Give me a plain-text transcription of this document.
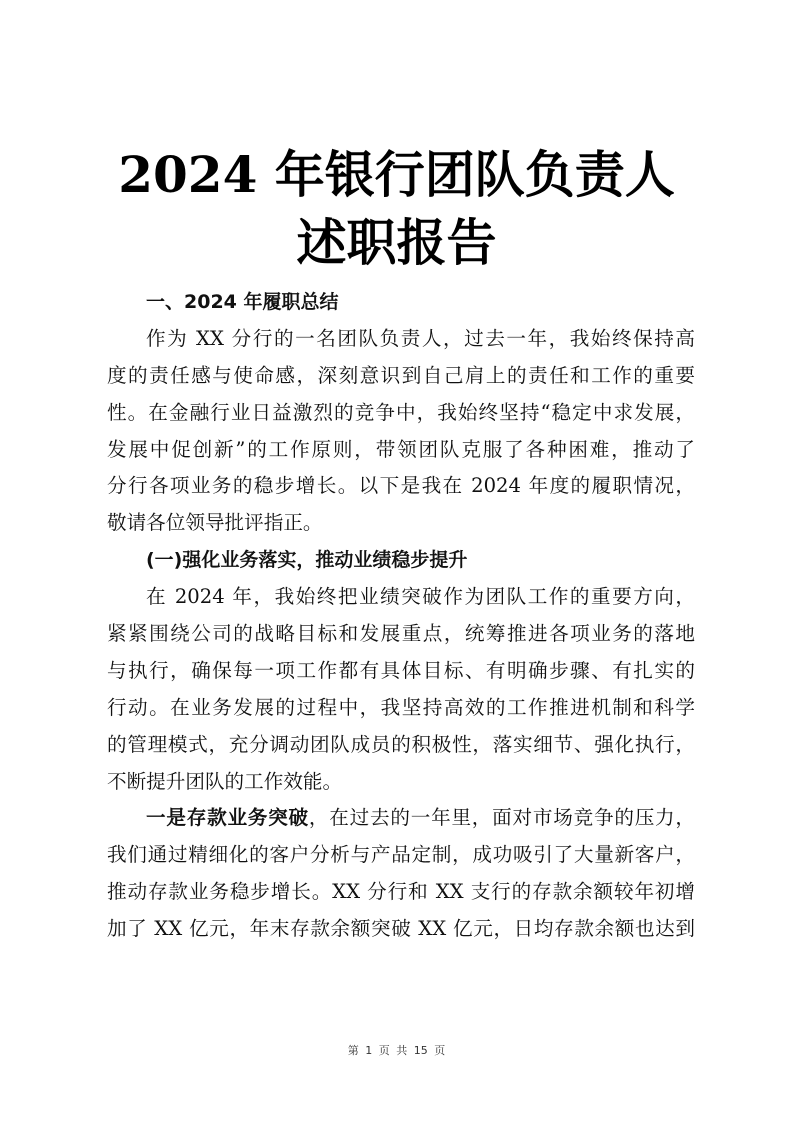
2024 年银行团队负责人
述职报告
一、2024 年履职总结
作为 XX 分行的一名团队负责人，过去一年，我始终保持高
度的责任感与使命感，深刻意识到自己肩上的责任和工作的重要
性。在金融行业日益激烈的竞争中，我始终坚持“稳定中求发展，
发展中促创新”的工作原则，带领团队克服了各种困难，推动了
分行各项业务的稳步增长。以下是我在 2024 年度的履职情况，
敬请各位领导批评指正。
(一)强化业务落实，推动业绩稳步提升
在 2024 年，我始终把业绩突破作为团队工作的重要方向，
紧紧围绕公司的战略目标和发展重点，统筹推进各项业务的落地
与执行，确保每一项工作都有具体目标、有明确步骤、有扎实的
行动。在业务发展的过程中，我坚持高效的工作推进机制和科学
的管理模式，充分调动团队成员的积极性，落实细节、强化执行，
不断提升团队的工作效能。
一是存款业务突破，在过去的一年里，面对市场竞争的压力，
我们通过精细化的客户分析与产品定制，成功吸引了大量新客户，
推动存款业务稳步增长。XX 分行和 XX 支行的存款余额较年初增
加了 XX 亿元，年末存款余额突破 XX 亿元，日均存款余额也达到
第 1 页 共 15 页
